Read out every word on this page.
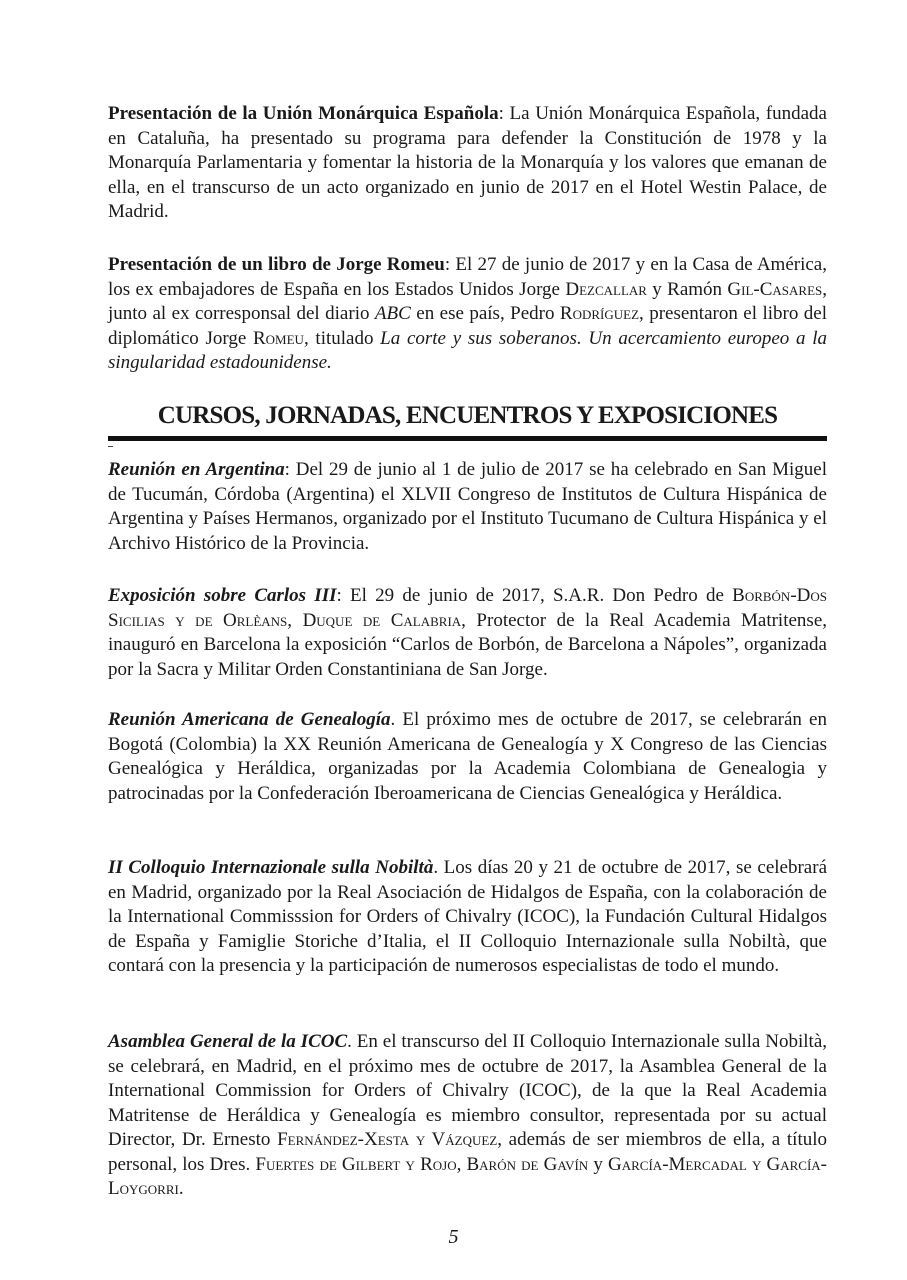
Presentación de la Unión Monárquica Española: La Unión Monárquica Española, fundada en Cataluña, ha presentado su programa para defender la Constitución de 1978 y la Monarquía Parlamentaria y fomentar la historia de la Monarquía y los valores que emanan de ella, en el transcurso de un acto organizado en junio de 2017 en el Hotel Westin Palace, de Madrid.

Presentación de un libro de Jorge Romeu: El 27 de junio de 2017 y en la Casa de América, los ex embajadores de España en los Estados Unidos Jorge Dezcallar y Ramón Gil-Casares, junto al ex corresponsal del diario ABC en ese país, Pedro Rodríguez, presentaron el libro del diplomático Jorge Romeu, titulado La corte y sus soberanos. Un acercamiento europeo a la singularidad estadounidense.

CURSOS, JORNADAS, ENCUENTROS Y EXPOSICIONES

Reunión en Argentina: Del 29 de junio al 1 de julio de 2017 se ha celebrado en San Miguel de Tucumán, Córdoba (Argentina) el XLVII Congreso de Institutos de Cultura Hispánica de Argentina y Países Hermanos, organizado por el Instituto Tucumano de Cultura Hispánica y el Archivo Histórico de la Provincia.

Exposición sobre Carlos III: El 29 de junio de 2017, S.A.R. Don Pedro de Borbón-Dos Sicilias y de Orlèans, Duque de Calabria, Protector de la Real Academia Matritense, inauguró en Barcelona la exposición “Carlos de Borbón, de Barcelona a Nápoles”, organizada por la Sacra y Militar Orden Constantiniana de San Jorge.

Reunión Americana de Genealogía. El próximo mes de octubre de 2017, se celebrarán en Bogotá (Colombia) la XX Reunión Americana de Genealogía y X Congreso de las Ciencias Genealógica y Heráldica, organizadas por la Academia Colombiana de Genealogia y patrocinadas por la Confederación Iberoamericana de Ciencias Genealógica y Heráldica.

II Colloquio Internazionale sulla Nobiltà. Los días 20 y 21 de octubre de 2017, se celebrará en Madrid, organizado por la Real Asociación de Hidalgos de España, con la colaboración de la International Commisssion for Orders of Chivalry (ICOC), la Fundación Cultural Hidalgos de España y Famiglie Storiche d’Italia, el II Colloquio Internazionale sulla Nobiltà, que contará con la presencia y la participación de numerosos especialistas de todo el mundo.

Asamblea General de la ICOC. En el transcurso del II Colloquio Internazionale sulla Nobiltà, se celebrará, en Madrid, en el próximo mes de octubre de 2017, la Asamblea General de la International Commission for Orders of Chivalry (ICOC), de la que la Real Academia Matritense de Heráldica y Genealogía es miembro consultor, representada por su actual Director, Dr. Ernesto Fernández-Xesta y Vázquez, además de ser miembros de ella, a título personal, los Dres. Fuertes de Gilbert y Rojo, Barón de Gavín y García-Mercadal y García-Loygorri.

5
